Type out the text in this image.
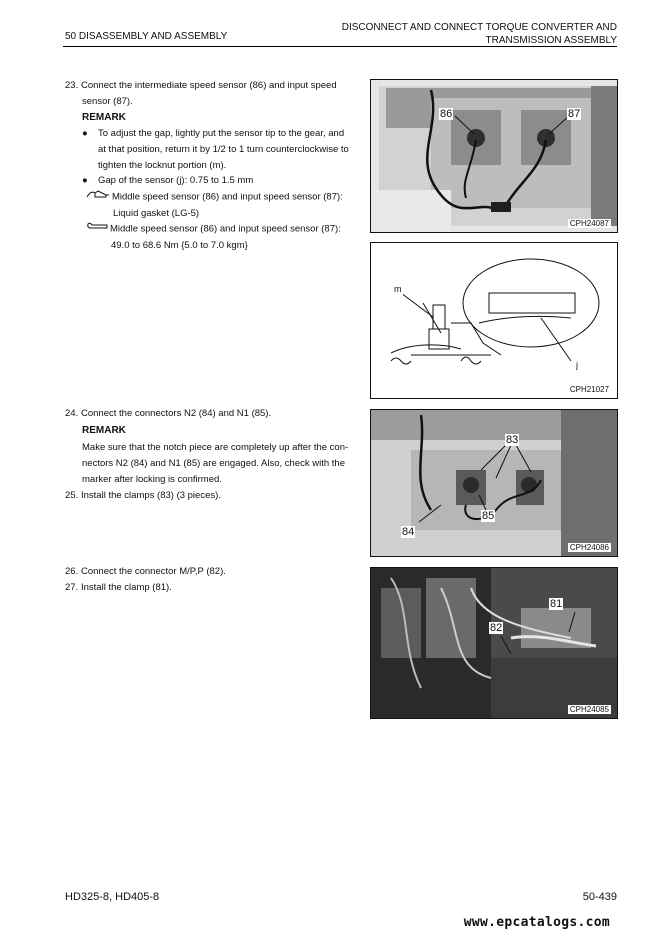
50 DISASSEMBLY AND ASSEMBLY
DISCONNECT AND CONNECT TORQUE CONVERTER AND
TRANSMISSION ASSEMBLY
23. Connect the intermediate speed sensor (86) and input speed
sensor (87).
REMARK
●	To adjust the gap, lightly put the sensor tip to the gear, and
at that position, return it by 1/2 to 1 turn counterclockwise to
tighten the locknut portion (m).
●	Gap of the sensor (j): 0.75 to 1.5 mm
Middle speed sensor (86) and input speed sensor (87):
Liquid gasket (LG-5)
Middle speed sensor (86) and input speed sensor (87):
49.0 to 68.6 Nm {5.0 to 7.0 kgm}
24. Connect the connectors N2 (84) and N1 (85).
REMARK
Make sure that the notch piece are completely up after the con-
nectors N2 (84) and N1 (85) are engaged. Also, check with the
marker after locking is confirmed.
25. Install the clamps (83) (3 pieces).
26. Connect the connector M/P,P (82).
27. Install the clamp (81).
86	87
CPH24087
m
j
CPH21027
83
84
85
CPH24086
81
82
CPH24085
HD325-8, HD405-8	50-439
www.epcatalogs.com
